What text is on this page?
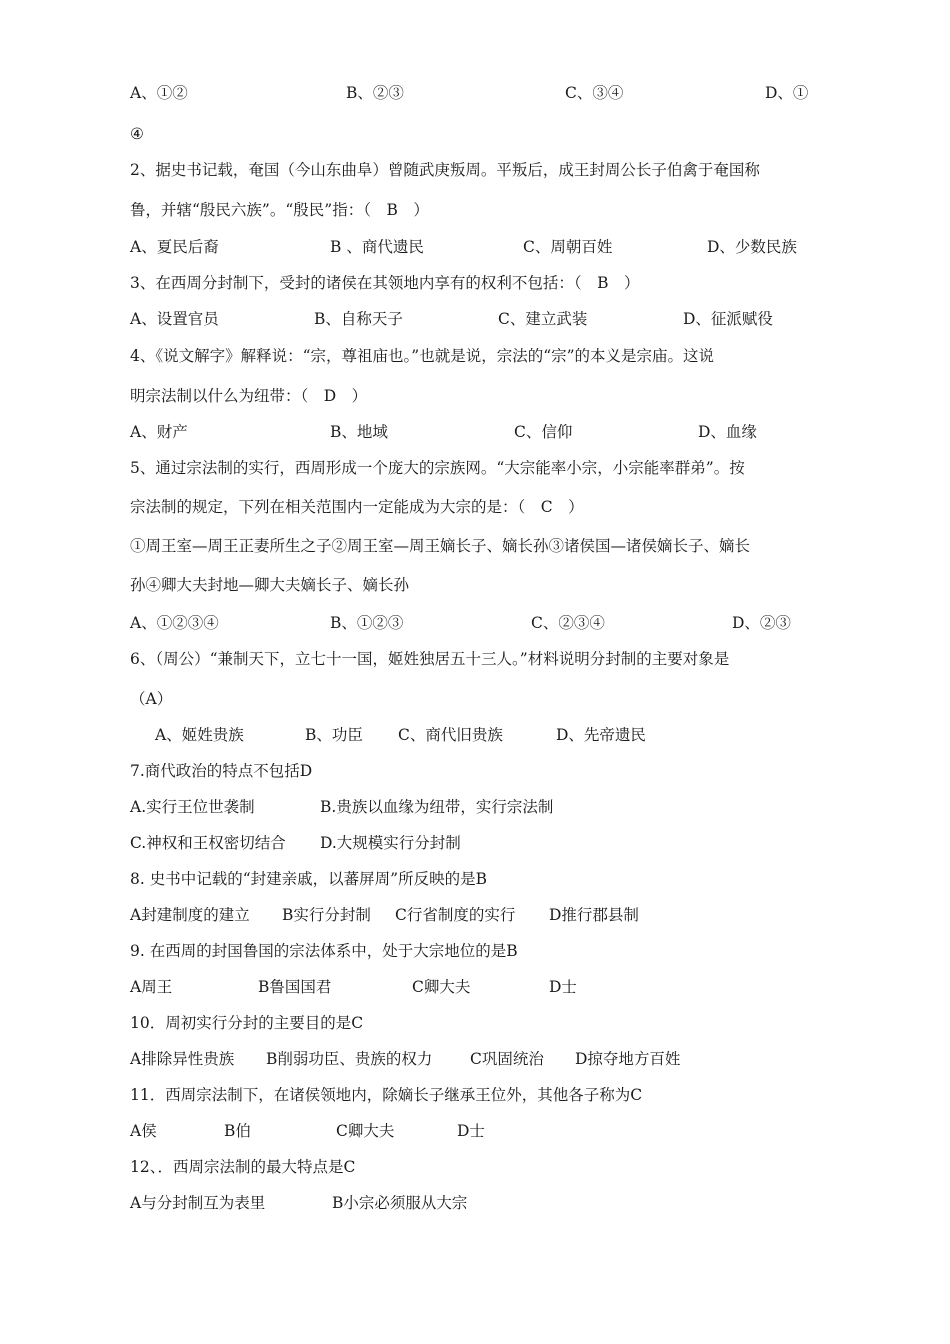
A、①②	B、②③	C、③④	D、①
④
2、据史书记载，奄国（今山东曲阜）曾随武庚叛周。平叛后，成王封周公长子伯禽于奄国称
鲁，并辖“殷民六族”。“殷民”指：（　B　）
A、夏民后裔	B 、商代遗民	C、周朝百姓	D、少数民族
3、在西周分封制下，受封的诸侯在其领地内享有的权利不包括：（　B　）
A、设置官员	B、自称天子	C、建立武装	D、征派赋役
4、《说文解字》解释说：“宗，尊祖庙也。”也就是说，宗法的“宗”的本义是宗庙。这说
明宗法制以什么为纽带：（　D　）
A、财产	B、地域	C、信仰	D、血缘
5、通过宗法制的实行，西周形成一个庞大的宗族网。“大宗能率小宗，小宗能率群弟”。按
宗法制的规定，下列在相关范围内一定能成为大宗的是：（　C　）
①周王室—周王正妻所生之子②周王室—周王嫡长子、嫡长孙③诸侯国—诸侯嫡长子、嫡长
孙④卿大夫封地—卿大夫嫡长子、嫡长孙
A、①②③④	B、①②③	C、②③④	D、②③
6、（周公）“兼制天下，立七十一国，姬姓独居五十三人。”材料说明分封制的主要对象是
（A）
A、姬姓贵族	B、功臣 C、商代旧贵族	D、先帝遗民
7.商代政治的特点不包括D
A.实行王位世袭制	B.贵族以血缘为纽带，实行宗法制
C.神权和王权密切结合 D.大规模实行分封制
8. 史书中记载的“封建亲戚，以蕃屏周”所反映的是B
A封建制度的建立 B实行分封制 C行省制度的实行 D推行郡县制
9. 在西周的封国鲁国的宗法体系中，处于大宗地位的是B
A周王	B鲁国国君	C卿大夫	D士
10．周初实行分封的主要目的是C
A排除异性贵族 B削弱功臣、贵族的权力 C巩固统治 D掠夺地方百姓
11．西周宗法制下，在诸侯领地内，除嫡长子继承王位外，其他各子称为C
A侯	B伯	C卿大夫	D士
12、．西周宗法制的最大特点是C
A与分封制互为表里	B小宗必须服从大宗
